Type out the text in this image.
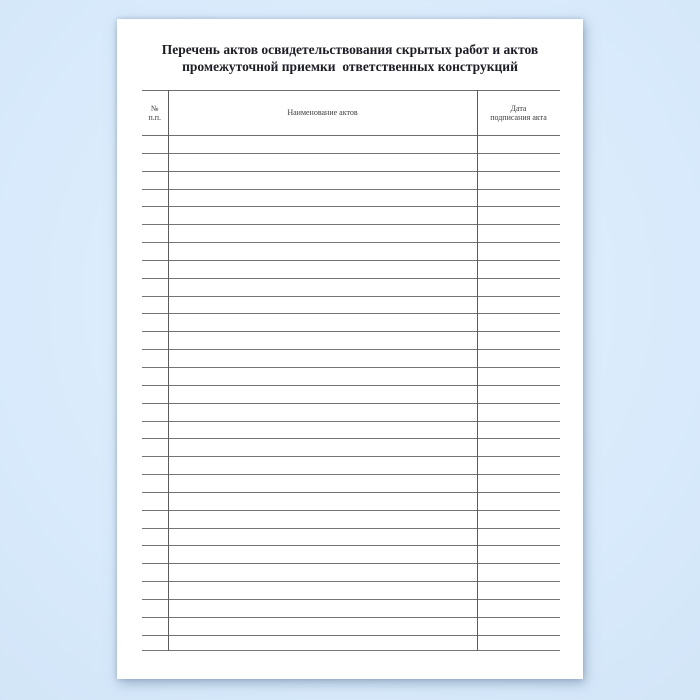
Перечень актов освидетельствования скрытых работ и актов
промежуточной приемки  ответственных конструкций
№
п.п.
Наименование актов
Дата
подписания акта
